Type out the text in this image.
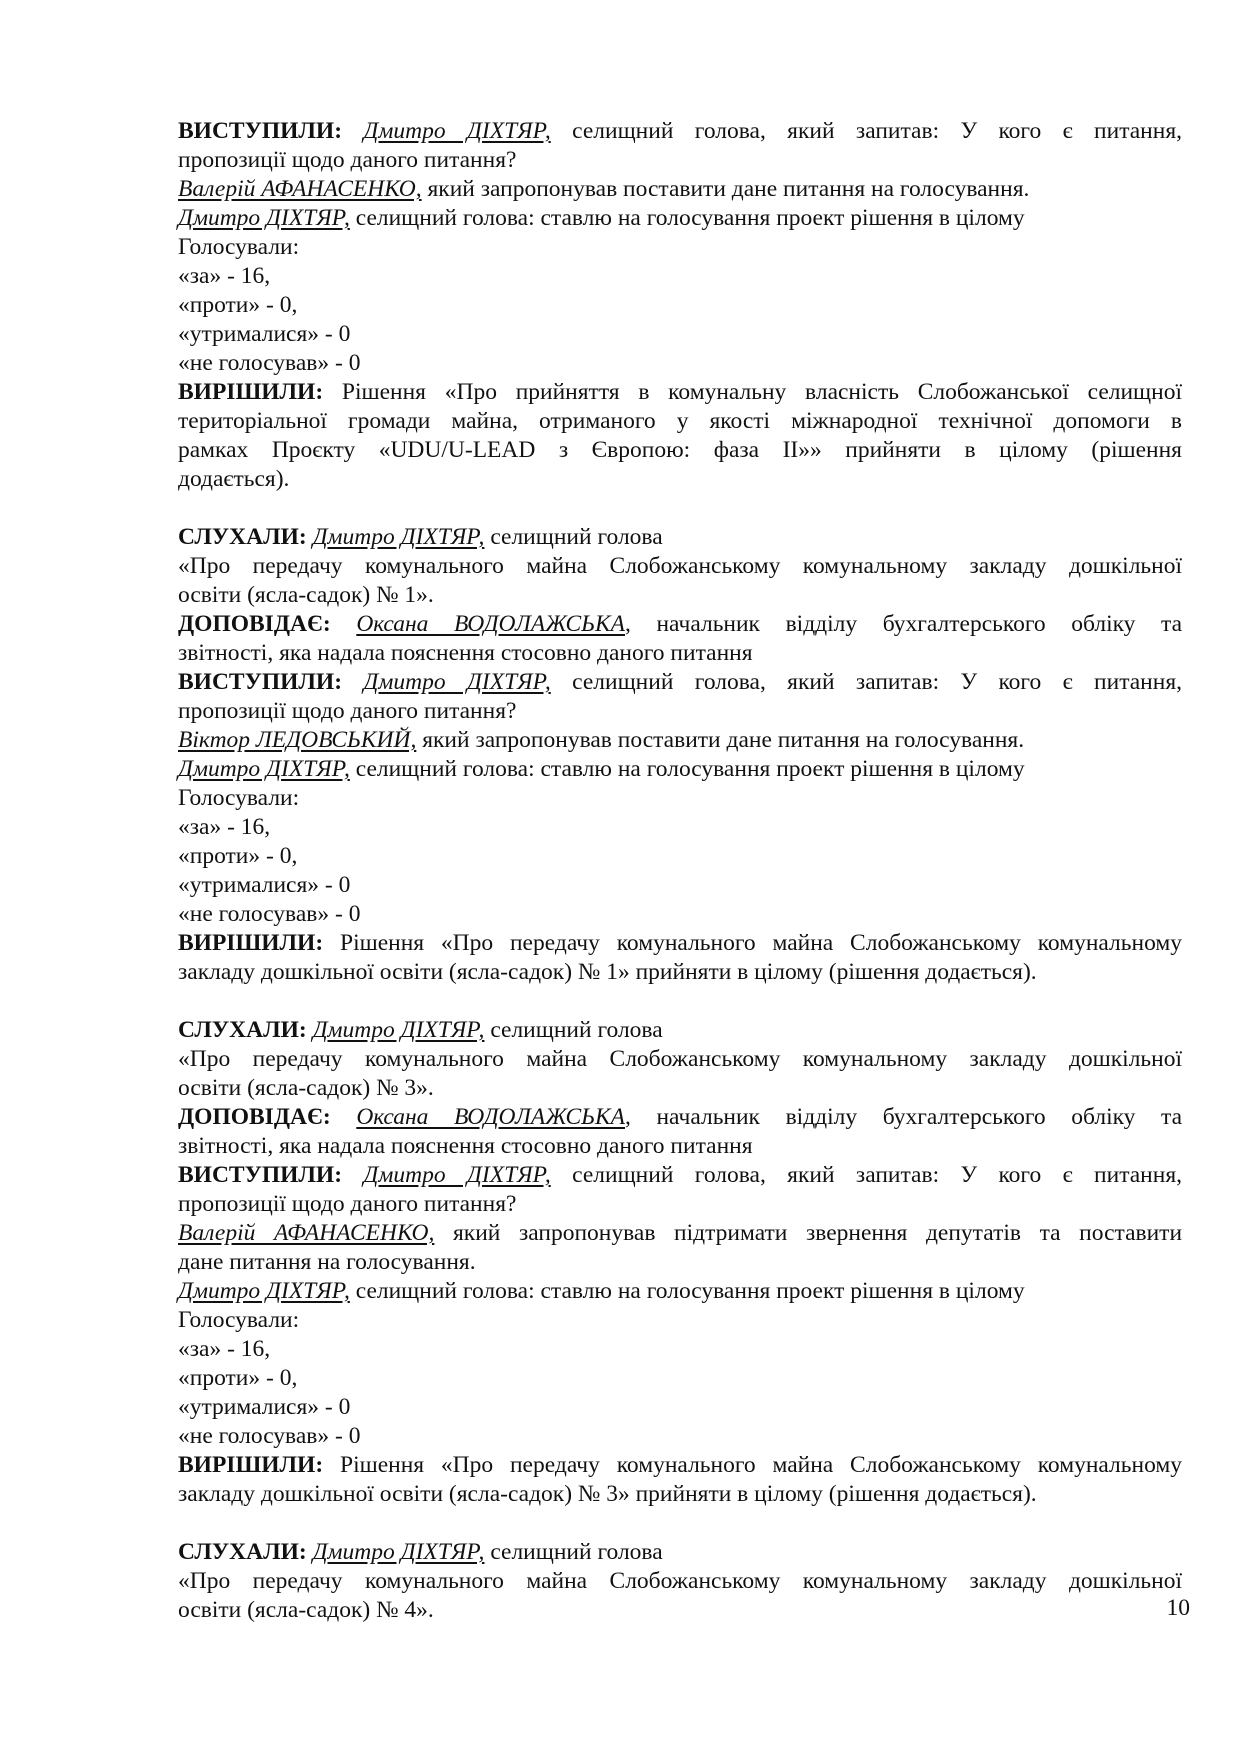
ВИСТУПИЛИ: Дмитро ДІХТЯР, селищний голова, який запитав: У кого є питання,
пропозиції щодо даного питання?
Валерій АФАНАСЕНКО, який запропонував поставити дане питання на голосування.
Дмитро ДІХТЯР, селищний голова: ставлю на голосування проект рішення в цілому
Голосували:
«за» - 16,
«проти» - 0,
«утрималися» - 0
«не голосував» - 0
ВИРІШИЛИ: Рішення «Про прийняття в комунальну власність Слобожанської селищної
територіальної громади майна, отриманого у якості міжнародної технічної допомоги в
рамках Проєкту «UDU/U-LEAD з Європою: фаза ІІ»» прийняти в цілому (рішення
додається).
СЛУХАЛИ: Дмитро ДІХТЯР, селищний голова
«Про передачу комунального майна Слобожанському комунальному закладу дошкільної
освіти (ясла-садок) № 1».
ДОПОВІДАЄ: Оксана ВОДОЛАЖСЬКА, начальник відділу бухгалтерського обліку та
звітності, яка надала пояснення стосовно даного питання
ВИСТУПИЛИ: Дмитро ДІХТЯР, селищний голова, який запитав: У кого є питання,
пропозиції щодо даного питання?
Віктор ЛЕДОВСЬКИЙ, який запропонував поставити дане питання на голосування.
Дмитро ДІХТЯР, селищний голова: ставлю на голосування проект рішення в цілому
Голосували:
«за» - 16,
«проти» - 0,
«утрималися» - 0
«не голосував» - 0
ВИРІШИЛИ: Рішення «Про передачу комунального майна Слобожанському комунальному
закладу дошкільної освіти (ясла-садок) № 1» прийняти в цілому (рішення додається).
СЛУХАЛИ: Дмитро ДІХТЯР, селищний голова
«Про передачу комунального майна Слобожанському комунальному закладу дошкільної
освіти (ясла-садок) № 3».
ДОПОВІДАЄ: Оксана ВОДОЛАЖСЬКА, начальник відділу бухгалтерського обліку та
звітності, яка надала пояснення стосовно даного питання
ВИСТУПИЛИ: Дмитро ДІХТЯР, селищний голова, який запитав: У кого є питання,
пропозиції щодо даного питання?
Валерій АФАНАСЕНКО, який запропонував підтримати звернення депутатів та поставити
дане питання на голосування.
Дмитро ДІХТЯР, селищний голова: ставлю на голосування проект рішення в цілому
Голосували:
«за» - 16,
«проти» - 0,
«утрималися» - 0
«не голосував» - 0
ВИРІШИЛИ: Рішення «Про передачу комунального майна Слобожанському комунальному
закладу дошкільної освіти (ясла-садок) № 3» прийняти в цілому (рішення додається).
СЛУХАЛИ: Дмитро ДІХТЯР, селищний голова
«Про передачу комунального майна Слобожанському комунальному закладу дошкільної
освіти (ясла-садок) № 4».	10
